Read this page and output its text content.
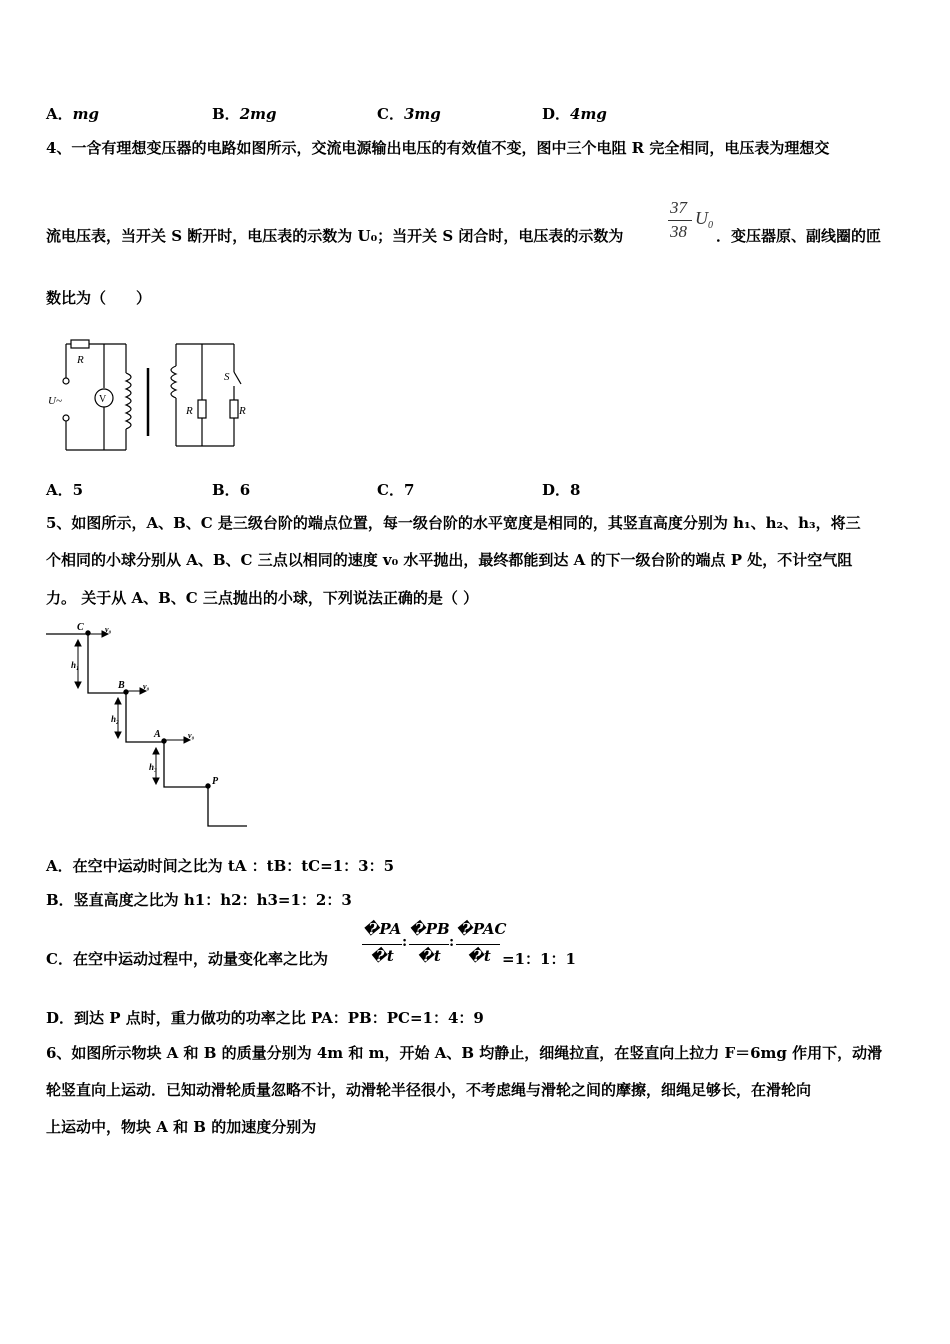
A．mg	B．2mg	C．3mg	D．4mg
4、一含有理想变压器的电路如图所示，交流电源输出电压的有效值不变，图中三个电阻 R 完全相同，电压表为理想交
流电压表，当开关 S 断开时，电压表的示数为 U₀；当开关 S 闭合时，电压表的示数为
37
38
U 0
．变压器原、副线圈的匝
数比为（　　）
R
U~	V
R
S
R
A．5	B．6	C．7	D．8
5、如图所示，A、B、C 是三级台阶的端点位置，每一级台阶的水平宽度是相同的，其竖直高度分别为 h₁、h₂、h₃，将三
个相同的小球分别从 A、B、C 三点以相同的速度 v₀ 水平抛出，最终都能到达 A 的下一级台阶的端点 P 处，不计空气阻
力。 关于从 A、B、C 三点抛出的小球，下列说法正确的是（ ）
C
B
A
P
v₀
v₀
v₀
h₁
h₂
h₃
A．在空中运动时间之比为 tA ：tB：tC=1：3：5
B．竖直高度之比为 h1：h2：h3=1：2：3
C．在空中运动过程中，动量变化率之比为
�PA
�t
:
�PB
�t
:
�PAC
�t =1：1：1
D．到达 P 点时，重力做功的功率之比 PA：PB：PC=1：4：9
6、如图所示物块 A 和 B 的质量分别为 4m 和 m，开始 A、B 均静止，细绳拉直，在竖直向上拉力 F＝6mg 作用下，动滑
轮竖直向上运动．已知动滑轮质量忽略不计，动滑轮半径很小，不考虑绳与滑轮之间的摩擦，细绳足够长，在滑轮向
上运动中，物块 A 和 B 的加速度分别为
